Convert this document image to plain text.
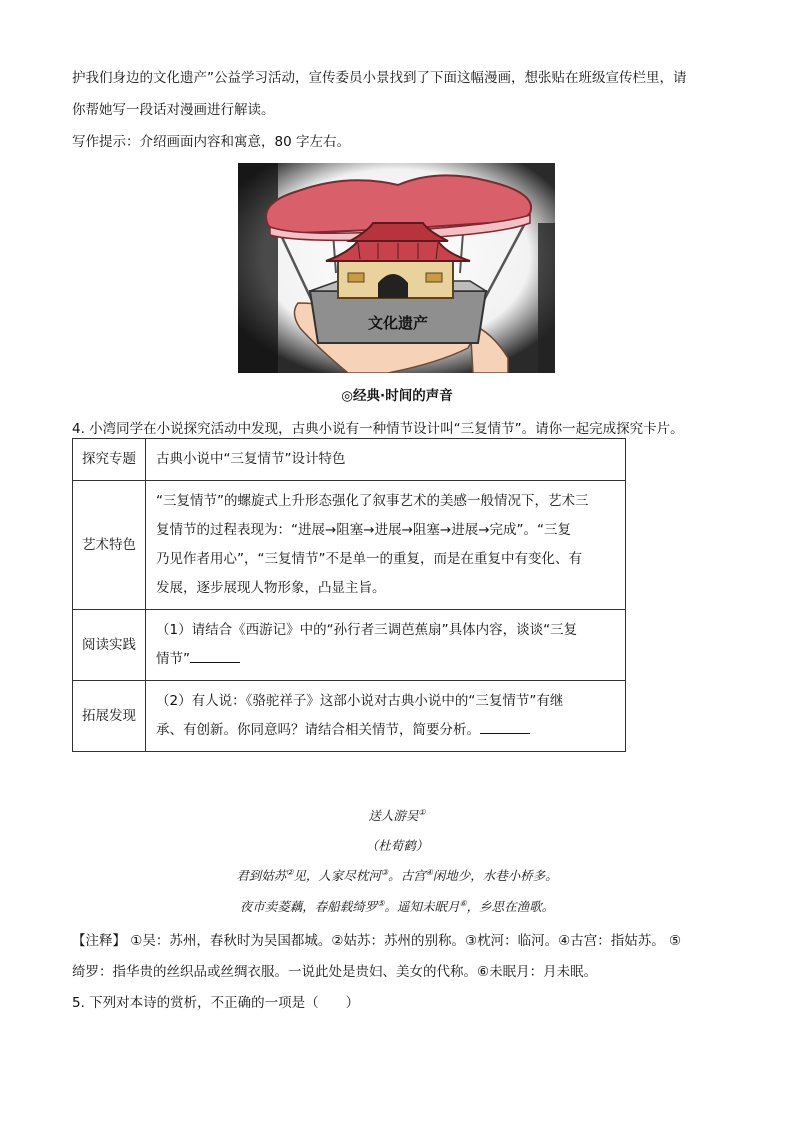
护我们身边的文化遗产”公益学习活动，宣传委员小景找到了下面这幅漫画，想张贴在班级宣传栏里，请
你帮她写一段话对漫画进行解读。
写作提示：介绍画面内容和寓意，80 字左右。
文化遗产
◎经典·时间的声音
4. 小湾同学在小说探究活动中发现，古典小说有一种情节设计叫“三复情节”。请你一起完成探究卡片。
探究专题	古典小说中“三复情节”设计特色
艺术特色	“三复情节”的螺旋式上升形态强化了叙事艺术的美感一般情况下，艺术三
复情节的过程表现为：“进展→阻塞→进展→阻塞→进展→完成”。“三复
乃见作者用心”，“三复情节”不是单一的重复，而是在重复中有变化、有
发展，逐步展现人物形象，凸显主旨。

阅读实践	（1）请结合《西游记》中的“孙行者三调芭蕉扇”具体内容，谈谈“三复
情节”

拓展发现	（2）有人说：《骆驼祥子》这部小说对古典小说中的“三复情节”有继
承、有创新。你同意吗？请结合相关情节，简要分析。
送人游吴①
（杜荀鹤）
君到姑苏②见，人家尽枕河③。古宫④闲地少，水巷小桥多。
夜市卖菱藕，春船载绮罗⑤。遥知未眠月⑥，乡思在渔歌。
【注释】 ①吴：苏州，春秋时为吴国都城。②姑苏：苏州的别称。③枕河：临河。④古宫：指姑苏。 ⑤
绮罗：指华贵的丝织品或丝绸衣服。一说此处是贵妇、美女的代称。⑥未眠月：月未眠。
5. 下列对本诗的赏析，不正确的一项是（　　）
